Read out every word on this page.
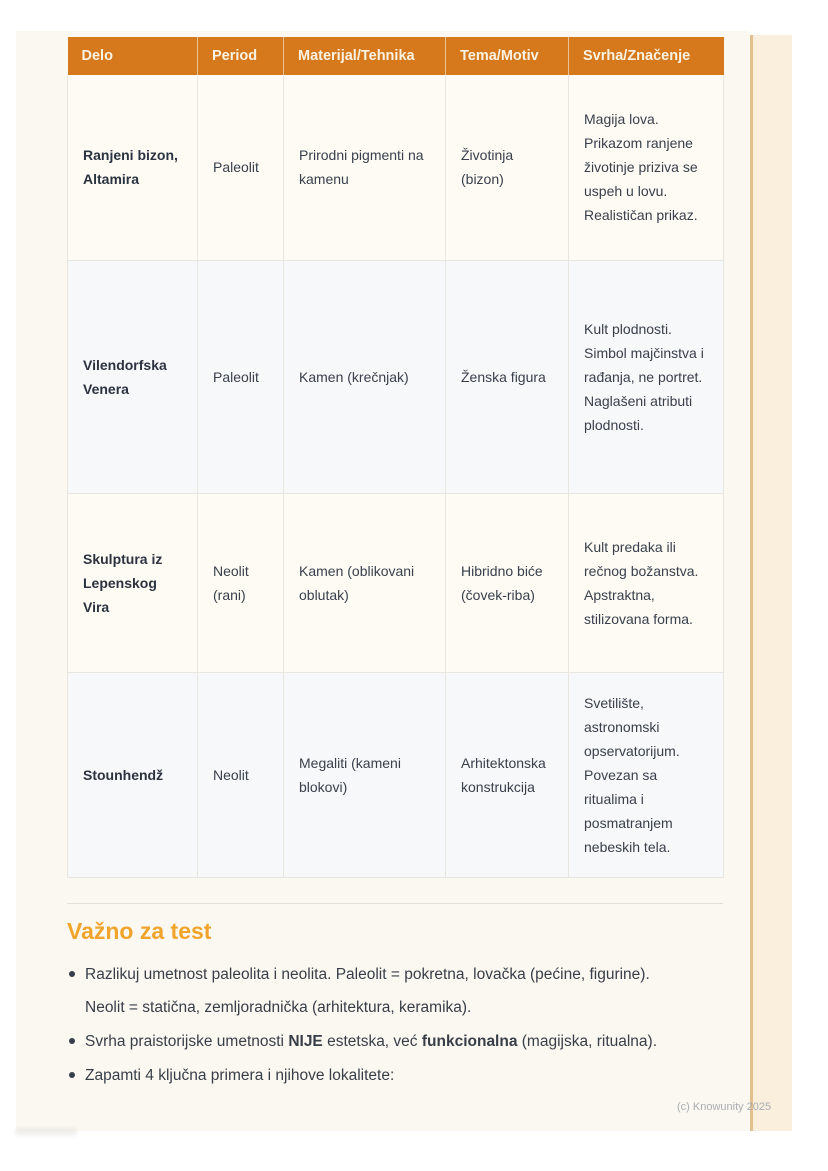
Delo	Period	Materijal/Tehnika	Tema/Motiv	Svrha/Značenje
Ranjeni bizon, Altamira	Paleolit	Prirodni pigmenti na kamenu	Životinja (bizon)	Magija lova. Prikazom ranjene životinje priziva se uspeh u lovu. Realističan prikaz.
Vilendorfska Venera	Paleolit	Kamen (krečnjak)	Ženska figura	Kult plodnosti. Simbol majčinstva i rađanja, ne portret. Naglašeni atributi plodnosti.
Skulptura iz Lepenskog Vira	Neolit (rani)	Kamen (oblikovani oblutak)	Hibridno biće (čovek-riba)	Kult predaka ili rečnog božanstva. Apstraktna, stilizovana forma.
Stounhendž	Neolit	Megaliti (kameni blokovi)	Arhitektonska konstrukcija	Svetilište, astronomski opservatorijum. Povezan sa ritualima i posmatranjem nebeskih tela.
Važno za test
Razlikuj umetnost paleolita i neolita. Paleolit = pokretna, lovačka (pećine, figurine). Neolit = statična, zemljoradnička (arhitektura, keramika).
Svrha praistorijske umetnosti NIJE estetska, već funkcionalna (magijska, ritualna).
Zapamti 4 ključna primera i njihove lokalitete:
(c) Knowunity 2025
